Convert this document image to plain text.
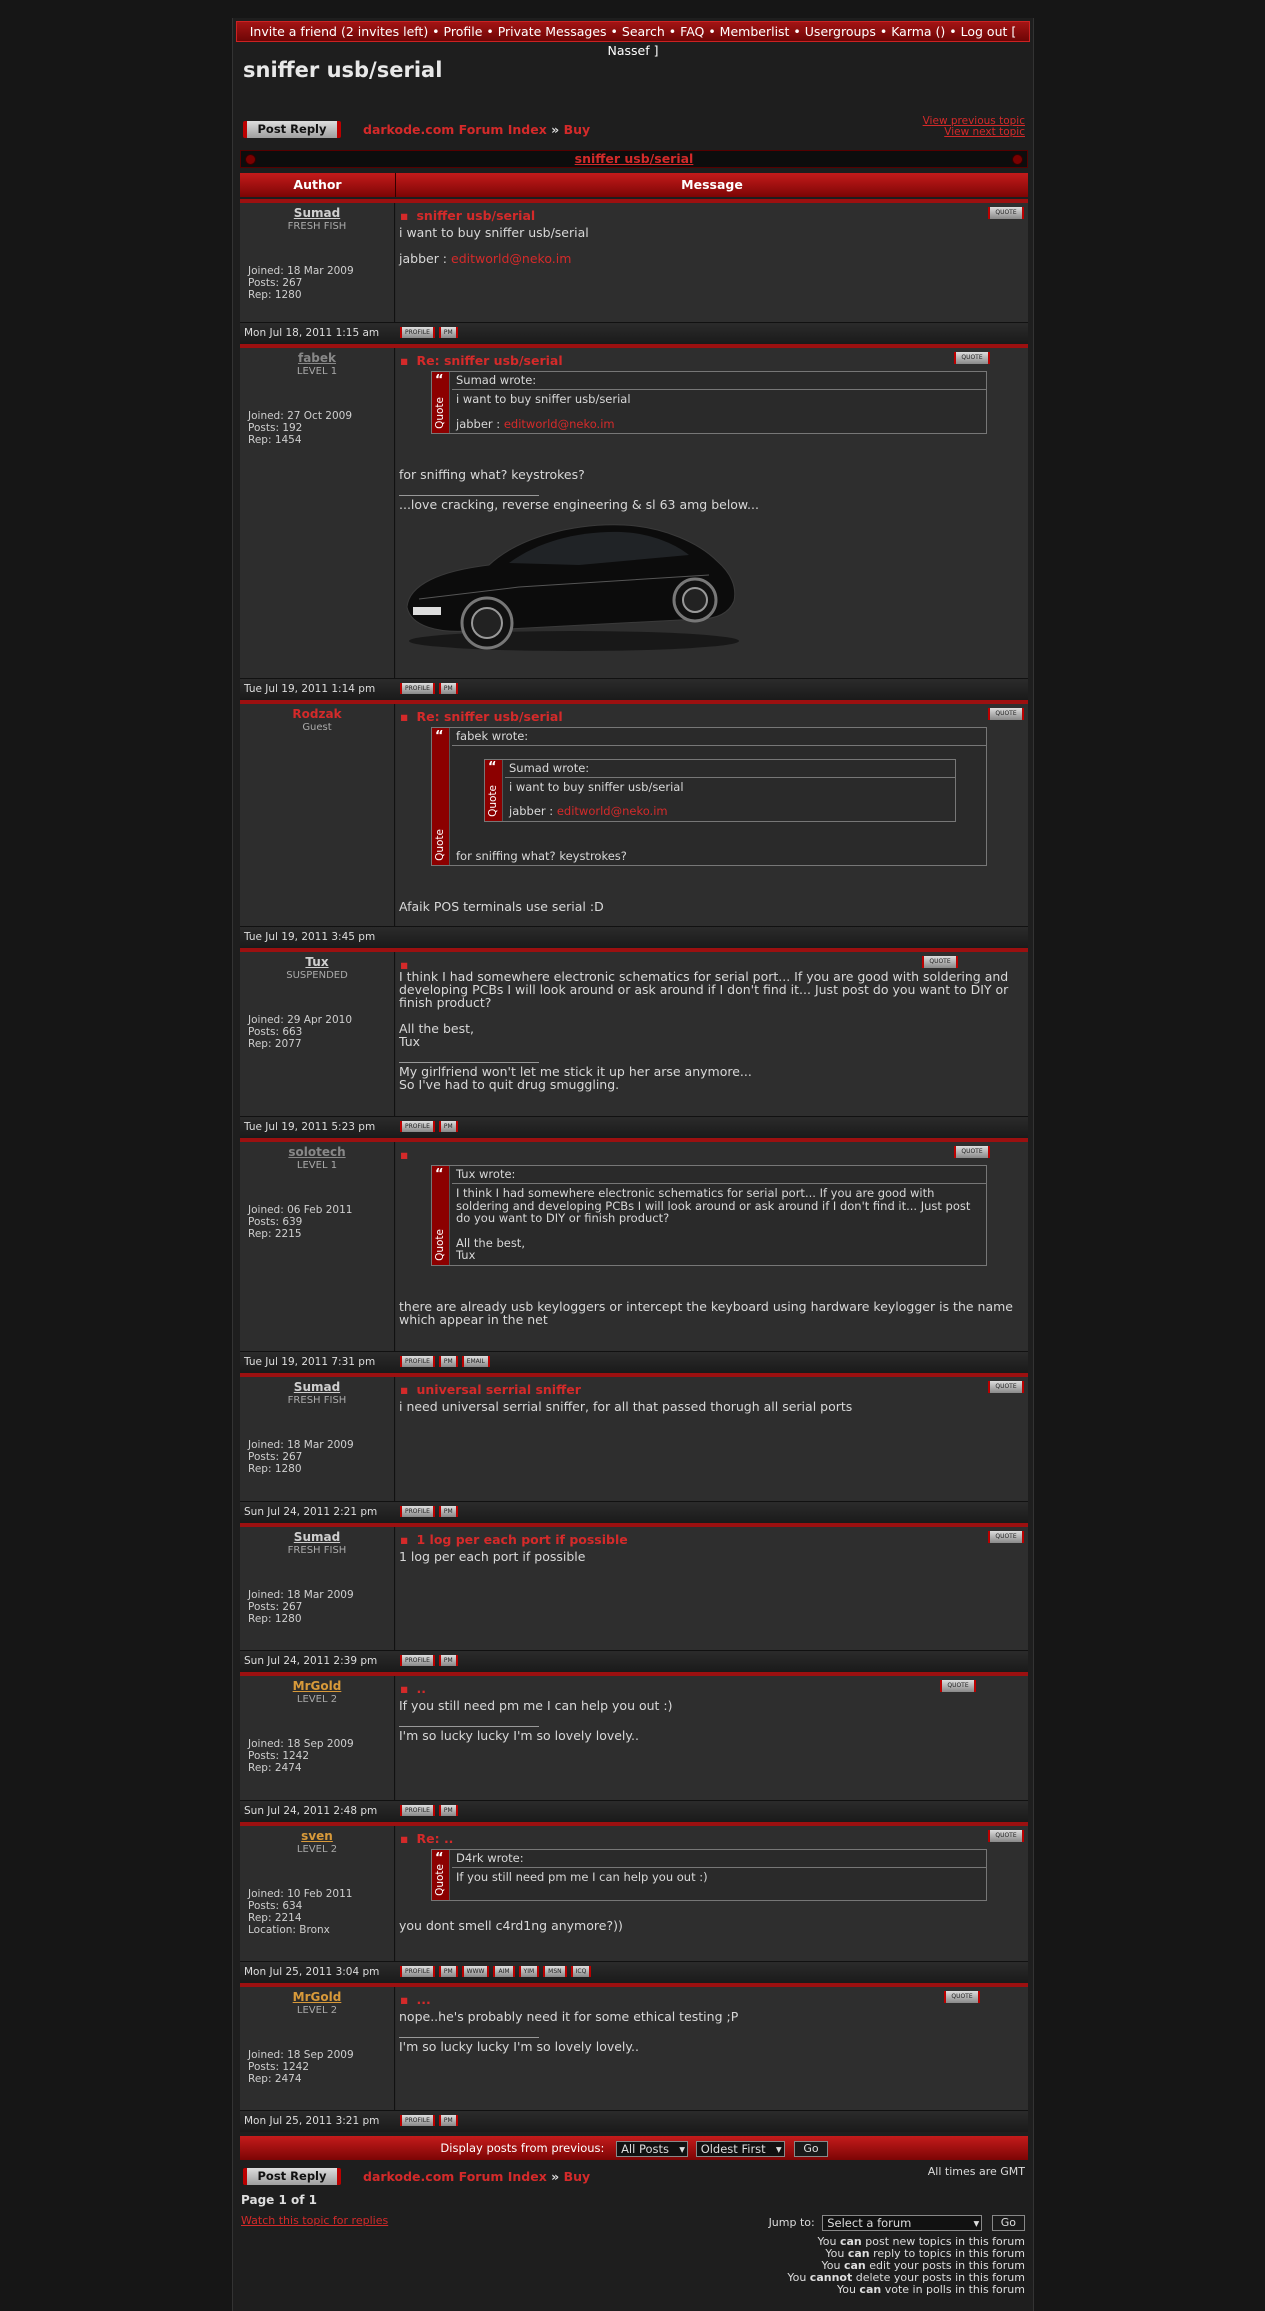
Invite a friend (2 invites left) • Profile • Private Messages • Search • FAQ • Memberlist • Usergroups • Karma () • Log out [ Nassef ]
sniffer usb/serial
Post Reply	darkode.com Forum Index » Buy
View previous topic
View next topic
sniffer usb/serial
Author	Message
Sumad
FRESH FISH
Joined: 18 Mar 2009
Posts: 267
Rep: 1280
▪ sniffer usb/serial	QUOTE

i want to buy sniffer usb/serial

jabber : editworld@neko.im

Mon Jul 18, 2011 1:15 am	PROFILE	PM
fabek
LEVEL 1
Joined: 27 Oct 2009
Posts: 192
Rep: 1454
▪ Re: sniffer usb/serial	QUOTE
“
Quote
Sumad wrote:
i want to buy sniffer usb/serial
jabber : editworld@neko.im

for sniffing what? keystrokes?

...love cracking, reverse engineering & sl 63 amg below...

Tue Jul 19, 2011 1:14 pm	PROFILE	PM
Rodzak
Guest
▪ Re: sniffer usb/serial	QUOTE
“
Quote
fabek wrote:
“
Quote
Sumad wrote:
i want to buy sniffer usb/serial
jabber : editworld@neko.im
for sniffing what? keystrokes?

Afaik POS terminals use serial :D

Tue Jul 19, 2011 3:45 pm
Tux
SUSPENDED
Joined: 29 Apr 2010
Posts: 663
Rep: 2077
▪
QUOTE

I think I had somewhere electronic schematics for serial port... If you are good with soldering and developing PCBs I will look around or ask around if I don't find it... Just post do you want to DIY or finish product?

All the best,

Tux

My girlfriend won't let me stick it up her arse anymore...

So I've had to quit drug smuggling.

Tue Jul 19, 2011 5:23 pm	PROFILE	PM
solotech
LEVEL 1
Joined: 06 Feb 2011
Posts: 639
Rep: 2215
▪
QUOTE
“
Quote
Tux wrote:
I think I had somewhere electronic schematics for serial port... If you are good with soldering and developing PCBs I will look around or ask around if I don't find it... Just post do you want to DIY or finish product?
All the best,
Tux

there are already usb keyloggers or intercept the keyboard using hardware keylogger is the name which appear in the net

Tue Jul 19, 2011 7:31 pm	PROFILE	PM	EMAIL
Sumad
FRESH FISH
Joined: 18 Mar 2009
Posts: 267
Rep: 1280
▪ universal serrial sniffer	QUOTE

i need universal serrial sniffer, for all that passed thorugh all serial ports

Sun Jul 24, 2011 2:21 pm	PROFILE	PM
Sumad
FRESH FISH
Joined: 18 Mar 2009
Posts: 267
Rep: 1280
▪ 1 log per each port if possible	QUOTE

1 log per each port if possible

Sun Jul 24, 2011 2:39 pm	PROFILE	PM
MrGold
LEVEL 2
Joined: 18 Sep 2009
Posts: 1242
Rep: 2474
▪ ..	QUOTE

If you still need pm me I can help you out :)

I'm so lucky lucky I'm so lovely lovely..

Sun Jul 24, 2011 2:48 pm	PROFILE	PM
sven
LEVEL 2
Joined: 10 Feb 2011
Posts: 634
Rep: 2214
Location: Bronx
▪ Re: ..	QUOTE
“
Quote
D4rk wrote:
If you still need pm me I can help you out :)

you dont smell c4rd1ng anymore?))

Mon Jul 25, 2011 3:04 pm	PROFILE	PM	WWW	AIM	YIM	MSN	ICQ
MrGold
LEVEL 2
Joined: 18 Sep 2009
Posts: 1242
Rep: 2474
▪ ...	QUOTE

nope..he's probably need it for some ethical testing ;P

I'm so lucky lucky I'm so lovely lovely..

Mon Jul 25, 2011 3:21 pm	PROFILE	PM
Display posts from previous: All Posts ▾	Oldest First ▾	Go
Post Reply	darkode.com Forum Index » Buy	All times are GMT
Page 1 of 1
Watch this topic for replies	Jump to: Select a forum ▾	Go
You can post new topics in this forum
You can reply to topics in this forum
You can edit your posts in this forum
You cannot delete your posts in this forum
You can vote in polls in this forum
